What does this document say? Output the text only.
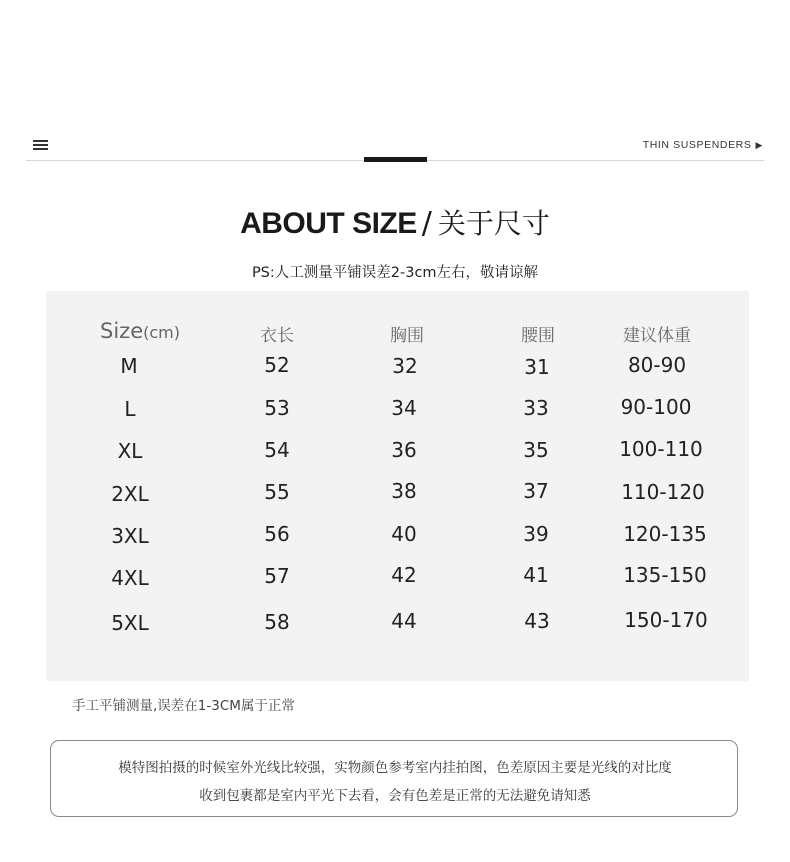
THIN SUSPENDERS ▶
ABOUT SIZE / 关于尺寸
PS:人工测量平铺误差2-3cm左右，敬请谅解
Size(cm)	衣长	胸围	腰围	建议体重
M	52	32	31	80-90
L	53	34	33	90-100
XL	54	36	35	100-110
2XL	55	38	37	110-120
3XL	56	40	39	120-135
4XL	57	42	41	135-150
5XL	58	44	43	150-170
手工平铺测量,误差在1-3CM属于正常
模特图拍摄的时候室外光线比较强，实物颜色参考室内挂拍图，色差原因主要是光线的对比度
收到包裹都是室内平光下去看，会有色差是正常的无法避免请知悉
